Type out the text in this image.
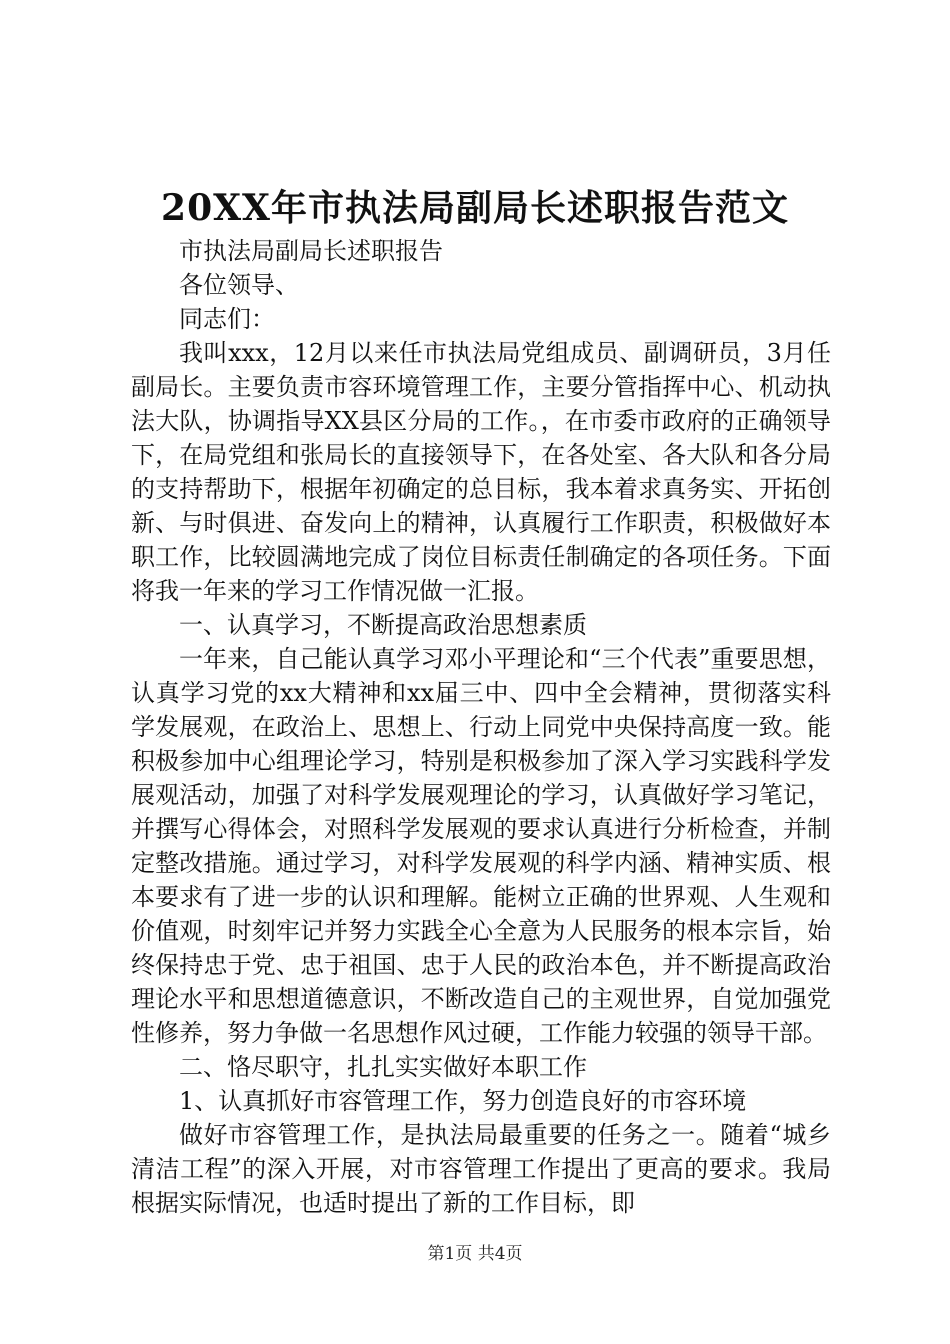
20XX年市执法局副局长述职报告范文
市执法局副局长述职报告
各位领导、
同志们：
我叫xxx，12月以来任市执法局党组成员、副调研员，3月任副局长。主要负责市容环境管理工作，主要分管指挥中心、机动执法大队，协调指导XX县区分局的工作。，在市委市政府的正确领导下，在局党组和张局长的直接领导下，在各处室、各大队和各分局的支持帮助下，根据年初确定的总目标，我本着求真务实、开拓创新、与时俱进、奋发向上的精神，认真履行工作职责，积极做好本职工作，比较圆满地完成了岗位目标责任制确定的各项任务。下面将我一年来的学习工作情况做一汇报。
一、认真学习，不断提高政治思想素质
一年来，自己能认真学习邓小平理论和“三个代表”重要思想，认真学习党的xx大精神和xx届三中、四中全会精神，贯彻落实科学发展观，在政治上、思想上、行动上同党中央保持高度一致。能积极参加中心组理论学习，特别是积极参加了深入学习实践科学发展观活动，加强了对科学发展观理论的学习，认真做好学习笔记，并撰写心得体会，对照科学发展观的要求认真进行分析检查，并制定整改措施。通过学习，对科学发展观的科学内涵、精神实质、根本要求有了进一步的认识和理解。能树立正确的世界观、人生观和价值观，时刻牢记并努力实践全心全意为人民服务的根本宗旨，始终保持忠于党、忠于祖国、忠于人民的政治本色，并不断提高政治理论水平和思想道德意识，不断改造自己的主观世界，自觉加强党性修养，努力争做一名思想作风过硬，工作能力较强的领导干部。
二、恪尽职守，扎扎实实做好本职工作
1、认真抓好市容管理工作，努力创造良好的市容环境
做好市容管理工作，是执法局最重要的任务之一。随着“城乡清洁工程”的深入开展，对市容管理工作提出了更高的要求。我局根据实际情况，也适时提出了新的工作目标，即
第1页 共4页
